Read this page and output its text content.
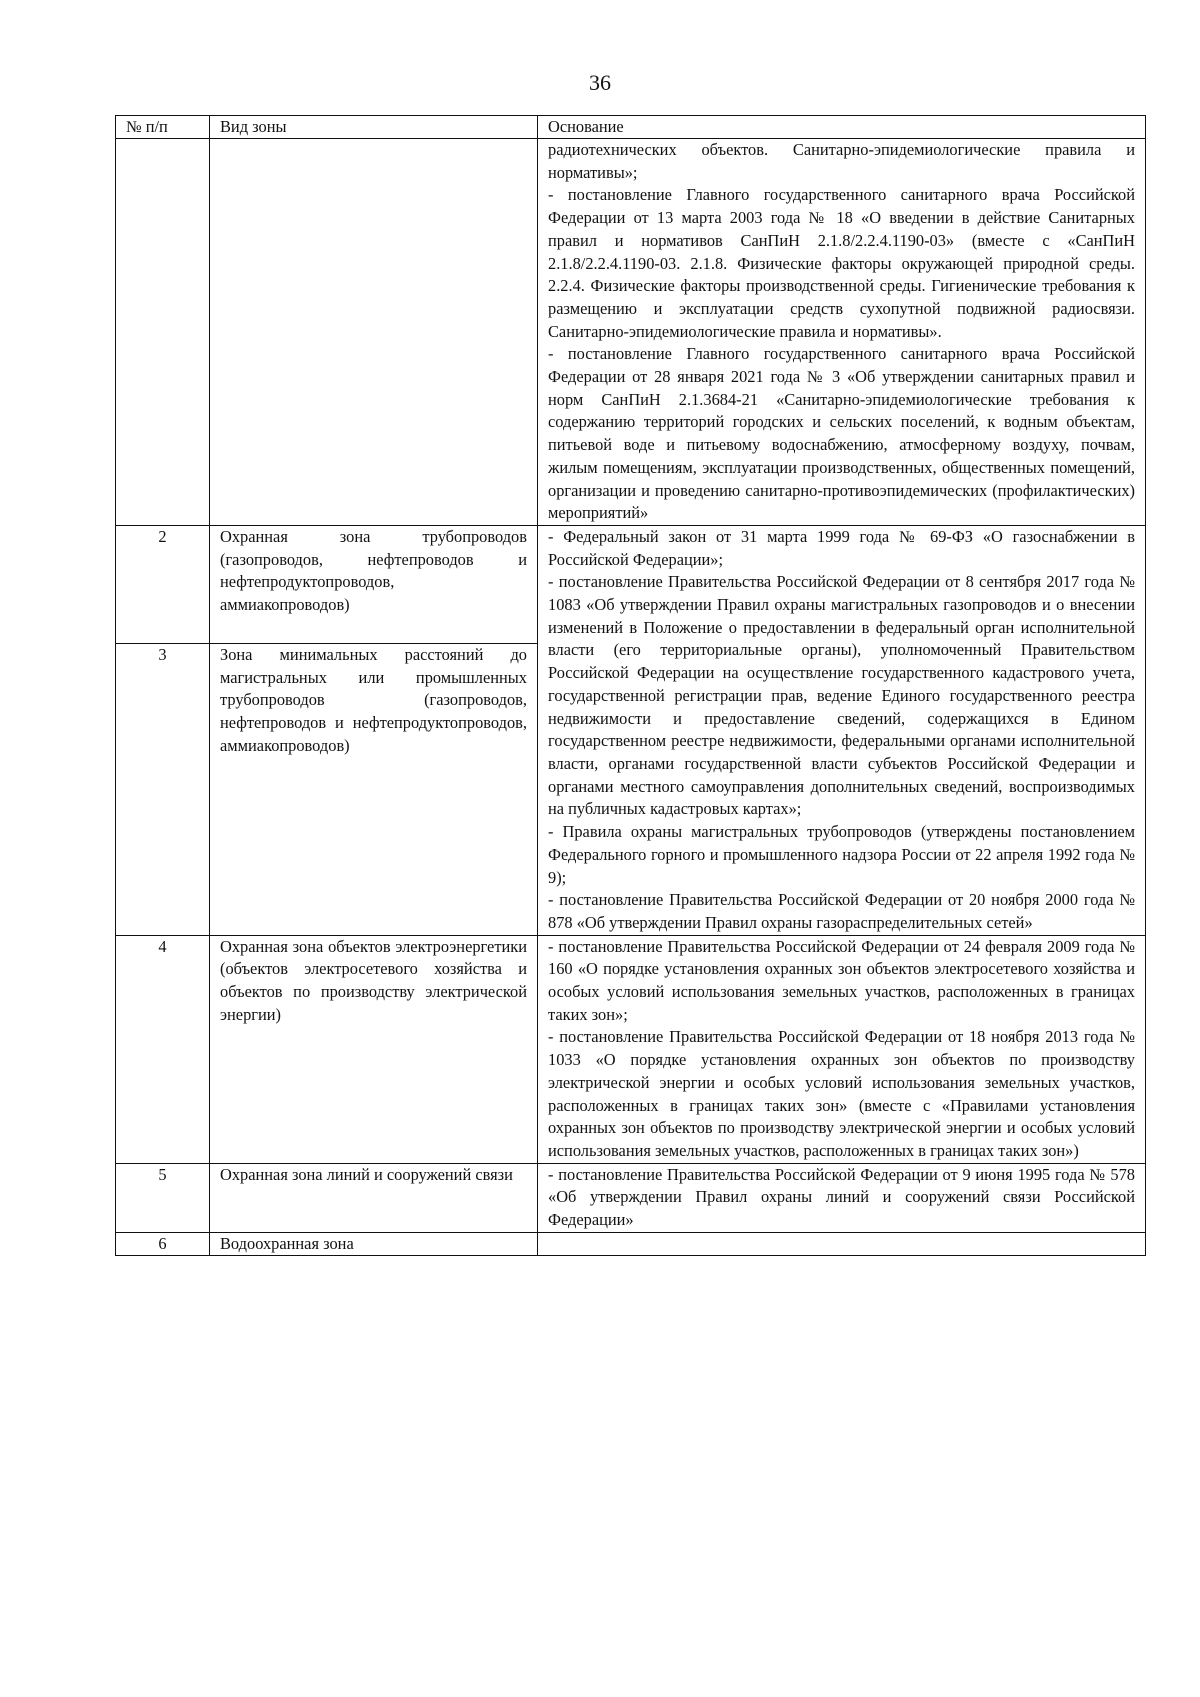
36
№ п/п	Вид зоны	Основание

		радиотехнических объектов. Санитарно-эпидемиологические правила и нормативы»;
- постановление Главного государственного санитарного врача Российской Федерации от 13 марта 2003 года № 18 «О введении в действие Санитарных правил и нормативов СанПиН 2.1.8/2.2.4.1190-03» (вместе с «СанПиН 2.1.8/2.2.4.1190-03. 2.1.8. Физические факторы окружающей природной среды. 2.2.4. Физические факторы производственной среды. Гигиенические требования к размещению и эксплуатации средств сухопутной подвижной радиосвязи. Санитарно-эпидемиологические правила и нормативы».
- постановление Главного государственного санитарного врача Российской Федерации от 28 января 2021 года № 3 «Об утверждении санитарных правил и норм СанПиН 2.1.3684-21 «Санитарно-эпидемиологические требования к содержанию территорий городских и сельских поселений, к водным объектам, питьевой воде и питьевому водоснабжению, атмосферному воздуху, почвам, жилым помещениям, эксплуатации производственных, общественных помещений, организации и проведению санитарно-противоэпидемических (профилактических) мероприятий»

2	Охранная зона трубопроводов (газопроводов, нефтепроводов и нефтепродуктопроводов, аммиакопроводов)	- Федеральный закон от 31 марта 1999 года № 69-ФЗ «О газоснабжении в Российской Федерации»;
- постановление Правительства Российской Федерации от 8 сентября 2017 года № 1083 «Об утверждении Правил охраны магистральных газопроводов и о внесении изменений в Положение о предоставлении в федеральный орган исполнительной власти (его территориальные органы), уполномоченный Правительством Российской Федерации на осуществление государственного кадастрового учета, государственной регистрации прав, ведение Единого государственного реестра недвижимости и предоставление сведений, содержащихся в Едином государственном реестре недвижимости, федеральными органами исполнительной власти, органами государственной власти субъектов Российской Федерации и органами местного самоуправления дополнительных сведений, воспроизводимых на публичных кадастровых картах»;
- Правила охраны магистральных трубопроводов (утверждены постановлением Федерального горного и промышленного надзора России от 22 апреля 1992 года № 9);
- постановление Правительства Российской Федерации от 20 ноября 2000 года № 878 «Об утверждении Правил охраны газораспределительных сетей»

3	Зона минимальных расстояний до магистральных или промышленных трубопроводов (газопроводов, нефтепроводов и нефтепродуктопроводов, аммиакопроводов)	
4	Охранная зона объектов электроэнергетики (объектов электросетевого хозяйства и объектов по производству электрической энергии)	- постановление Правительства Российской Федерации от 24 февраля 2009 года № 160 «О порядке установления охранных зон объектов электросетевого хозяйства и особых условий использования земельных участков, расположенных в границах таких зон»;
- постановление Правительства Российской Федерации от 18 ноября 2013 года № 1033 «О порядке установления охранных зон объектов по производству электрической энергии и особых условий использования земельных участков, расположенных в границах таких зон» (вместе с «Правилами установления охранных зон объектов по производству электрической энергии и особых условий использования земельных участков, расположенных в границах таких зон»)

5	Охранная зона линий и сооружений связи	- постановление Правительства Российской Федерации от 9 июня 1995 года № 578 «Об утверждении Правил охраны линий и сооружений связи Российской Федерации»

6	Водоохранная зона	
